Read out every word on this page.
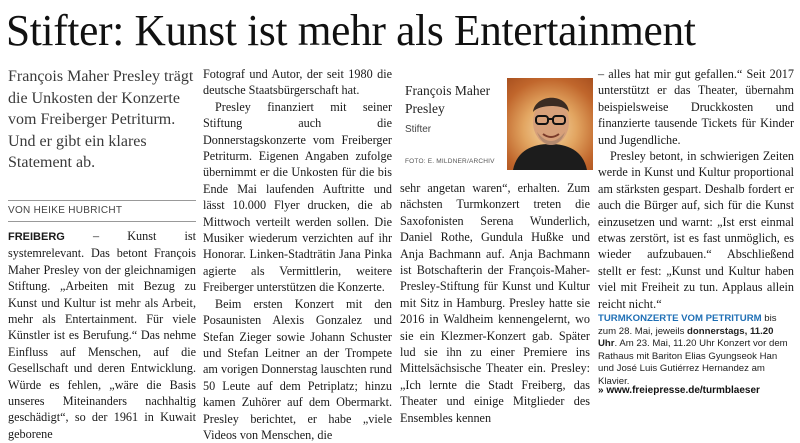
Stifter: Kunst ist mehr als Entertainment

François Maher Presley trägt die Unkosten der Konzerte vom Freiberger Petriturm. Und er gibt ein klares Statement ab.

VON HEIKE HUBRICHT

FREIBERG – Kunst ist systemrelevant. Das betont François Maher Presley von der gleichnamigen Stiftung. „Arbeiten mit Bezug zu Kunst und Kultur ist mehr als Arbeit, mehr als Entertainment. Für viele Künstler ist es Berufung.“ Das nehme Einfluss auf Menschen, auf die Gesellschaft und deren Entwicklung. Würde es fehlen, „wäre die Basis unseres Miteinanders nachhaltig geschädigt“, so der 1961 in Kuwait geborene

Fotograf und Autor, der seit 1980 die deutsche Staatsbürgerschaft hat.

Presley finanziert mit seiner Stiftung auch die Donnerstagskonzerte vom Freiberger Petriturm. Eigenen Angaben zufolge übernimmt er die Unkosten für die bis Ende Mai laufenden Auftritte und lässt 10.000 Flyer drucken, die ab Mittwoch verteilt werden sollen. Die Musiker wiederum verzichten auf ihr Honorar. Linken-Stadträtin Jana Pinka agierte als Vermittlerin, weitere Freiberger unterstützen die Konzerte.

Beim ersten Konzert mit den Posaunisten Alexis Gonzalez und Stefan Zieger sowie Johann Schuster und Stefan Leitner an der Trompete am vorigen Donnerstag lauschten rund 50 Leute auf dem Petriplatz; hinzu kamen Zuhörer auf dem Obermarkt. Presley berichtet, er habe „viele Videos von Menschen, die

François Maher Presley
Stifter
FOTO: E. MILDNER/ARCHIV

sehr angetan waren“, erhalten. Zum nächsten Turmkonzert treten die Saxofonisten Serena Wunderlich, Daniel Rothe, Gundula Hußke und Anja Bachmann auf. Anja Bachmann ist Botschafterin der François-Maher-Presley-Stiftung für Kunst und Kultur mit Sitz in Hamburg. Presley hatte sie 2016 in Waldheim kennengelernt, wo sie ein Klezmer-Konzert gab. Später lud sie ihn zu einer Premiere ins Mittelsächsische Theater ein. Presley: „Ich lernte die Stadt Freiberg, das Theater und einige Mitglieder des Ensembles kennen

– alles hat mir gut gefallen.“ Seit 2017 unterstützt er das Theater, übernahm beispielsweise Druckkosten und finanzierte tausende Tickets für Kinder und Jugendliche.

Presley betont, in schwierigen Zeiten werde in Kunst und Kultur proportional am stärksten gespart. Deshalb fordert er auch die Bürger auf, sich für die Kunst einzusetzen und warnt: „Ist erst einmal etwas zerstört, ist es fast unmöglich, es wieder aufzubauen.“ Abschließend stellt er fest: „Kunst und Kultur haben viel mit Freiheit zu tun. Applaus allein reicht nicht.“

TURMKONZERTE VOM PETRITURM bis zum 28. Mai, jeweils donnerstags, 11.20 Uhr. Am 23. Mai, 11.20 Uhr Konzert vor dem Rathaus mit Bariton Elias Gyungseok Han und José Luis Gutiérrez Hernandez am Klavier.
» www.freiepresse.de/turmblaeser
